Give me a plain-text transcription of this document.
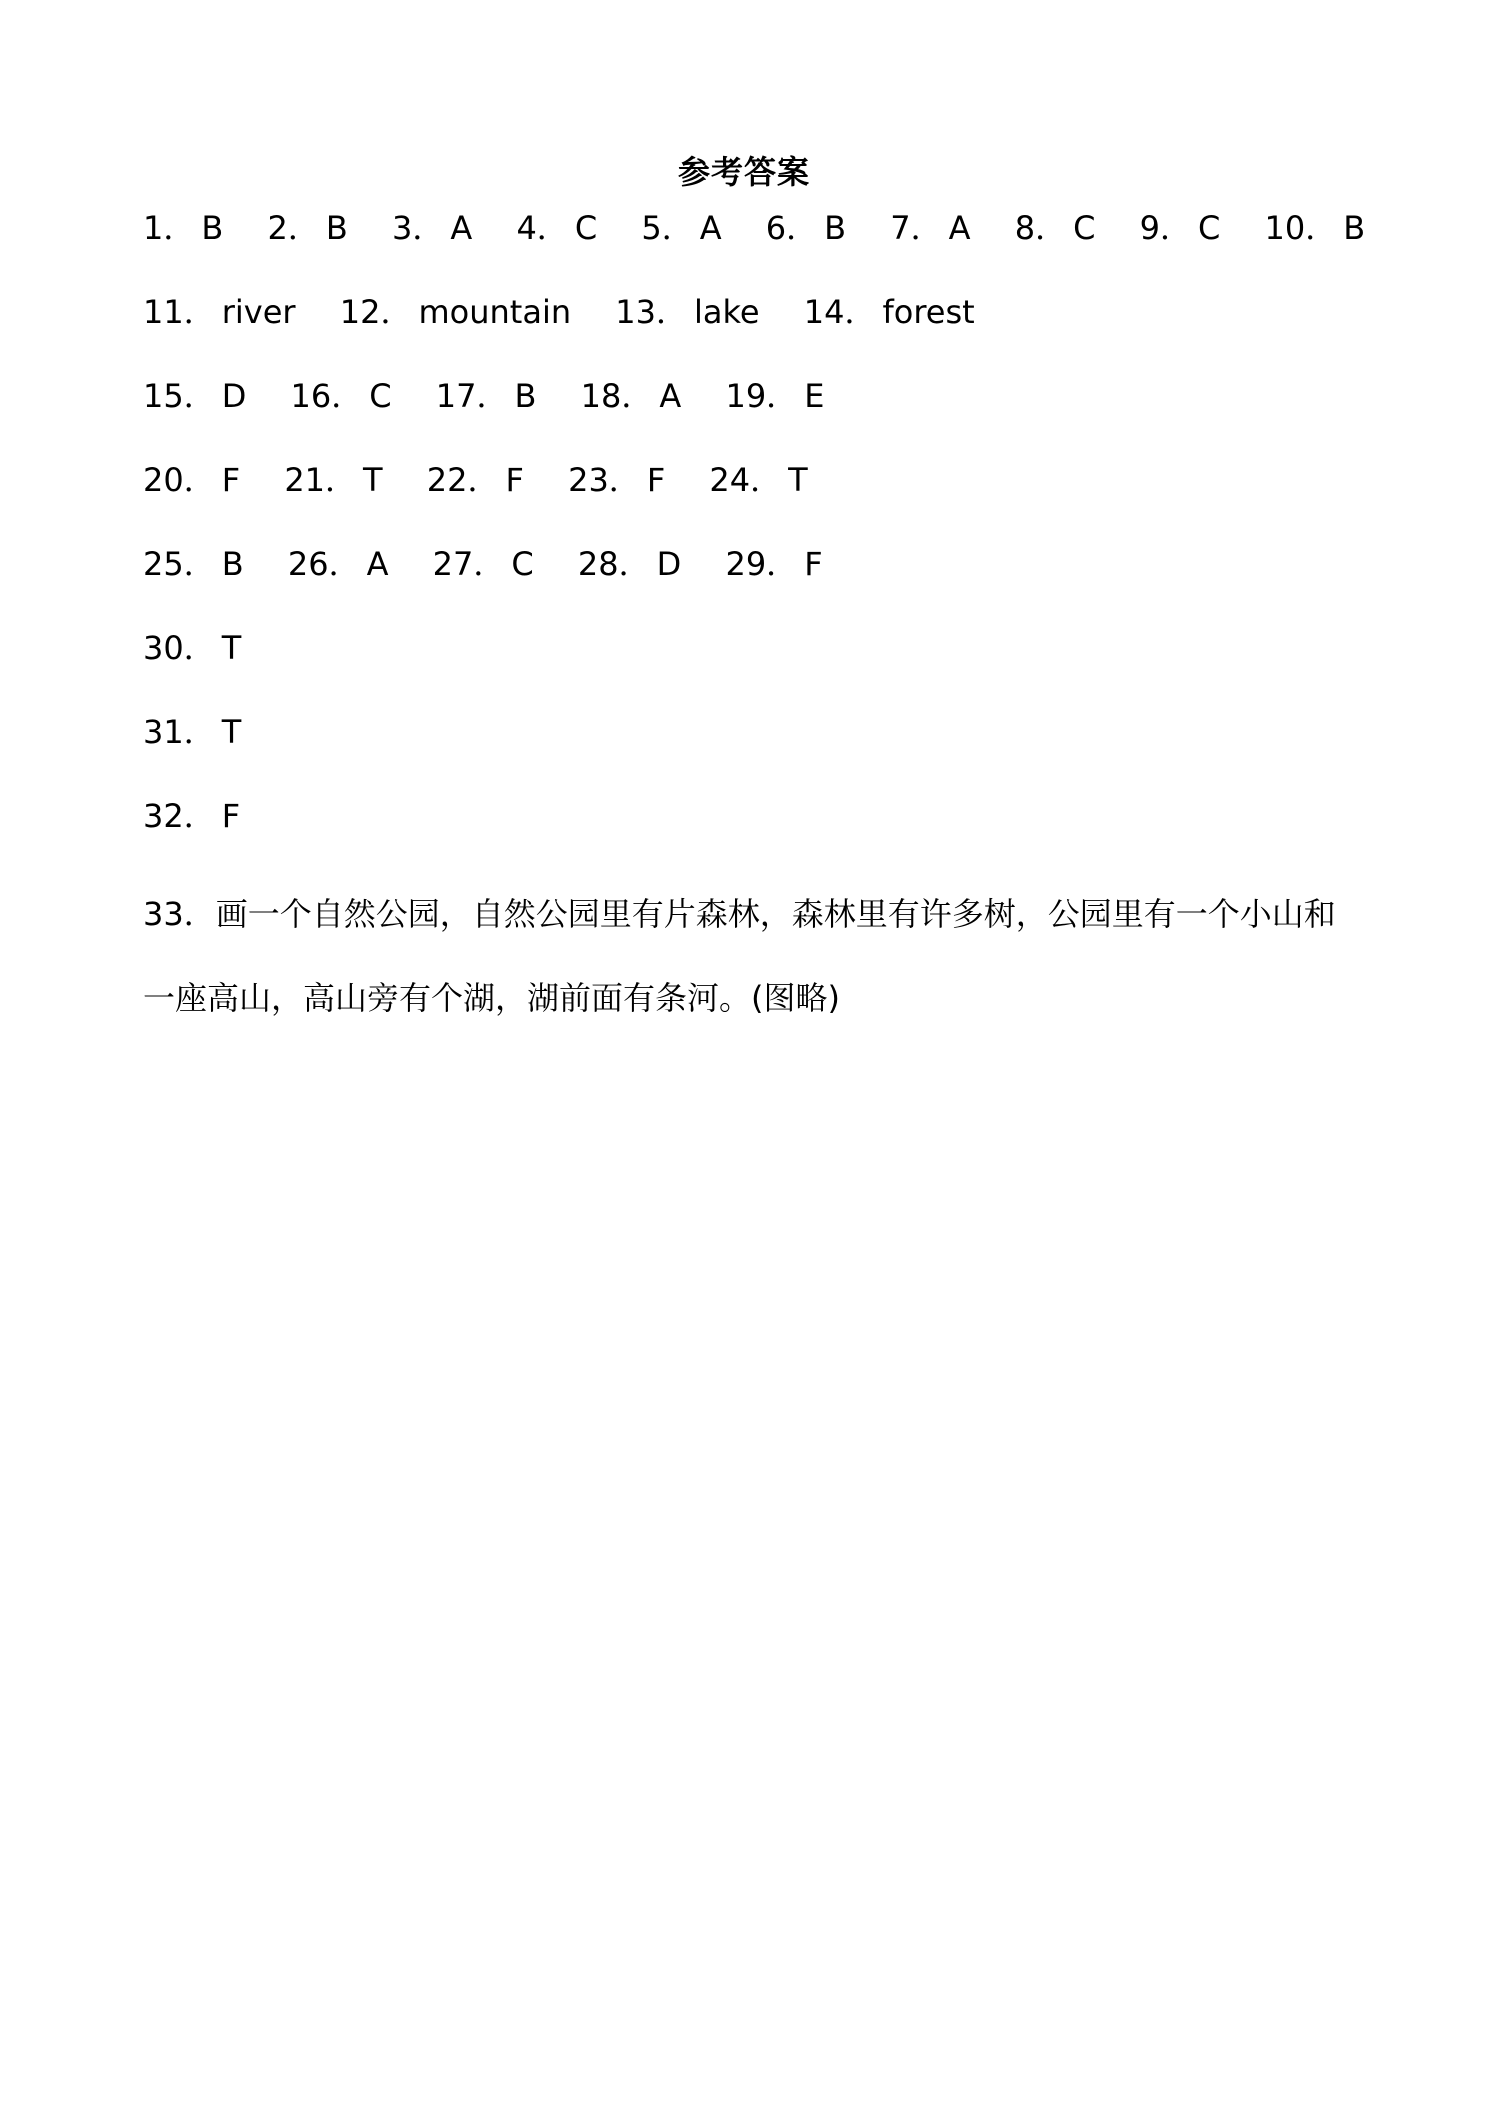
参考答案
1． B 2． B 3． A 4． C 5． A 6． B 7． A 8． C 9． C 10． B
11． river 12． mountain 13． lake 14． forest
15． D 16． C 17． B 18． A 19． E
20． F 21． T 22． F 23． F 24． T
25． B 26． A 27． C 28． D 29． F
30． T
31． T
32． F
33．画一个自然公园，自然公园里有片森林，森林里有许多树，公园里有一个小山和一座高山，高山旁有个湖，湖前面有条河。(图略)
